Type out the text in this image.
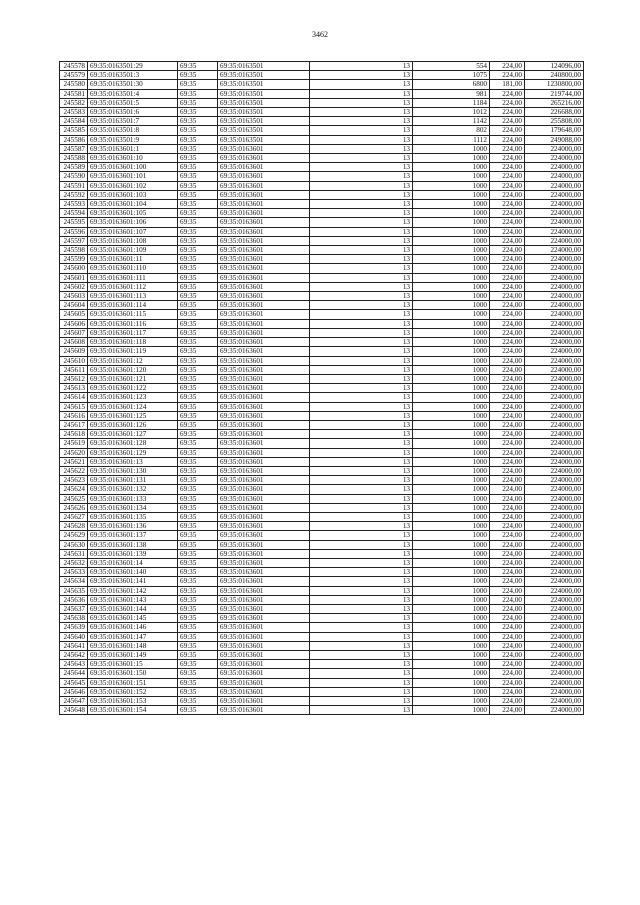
3462
245578	69:35:0163501:29	69:35	69:35:0163501	13	554	224,00	124096,00
245579	69:35:0163501:3	69:35	69:35:0163501	13	1075	224,00	240800,00
245580	69:35:0163501:30	69:35	69:35:0163501	13	6800	181,00	1230800,00
245581	69:35:0163501:4	69:35	69:35:0163501	13	981	224,00	219744,00
245582	69:35:0163501:5	69:35	69:35:0163501	13	1184	224,00	265216,00
245583	69:35:0163501:6	69:35	69:35:0163501	13	1012	224,00	226688,00
245584	69:35:0163501:7	69:35	69:35:0163501	13	1142	224,00	255808,00
245585	69:35:0163501:8	69:35	69:35:0163501	13	802	224,00	179648,00
245586	69:35:0163501:9	69:35	69:35:0163501	13	1112	224,00	249088,00
245587	69:35:0163601:1	69:35	69:35:0163601	13	1000	224,00	224000,00
245588	69:35:0163601:10	69:35	69:35:0163601	13	1000	224,00	224000,00
245589	69:35:0163601:100	69:35	69:35:0163601	13	1000	224,00	224000,00
245590	69:35:0163601:101	69:35	69:35:0163601	13	1000	224,00	224000,00
245591	69:35:0163601:102	69:35	69:35:0163601	13	1000	224,00	224000,00
245592	69:35:0163601:103	69:35	69:35:0163601	13	1000	224,00	224000,00
245593	69:35:0163601:104	69:35	69:35:0163601	13	1000	224,00	224000,00
245594	69:35:0163601:105	69:35	69:35:0163601	13	1000	224,00	224000,00
245595	69:35:0163601:106	69:35	69:35:0163601	13	1000	224,00	224000,00
245596	69:35:0163601:107	69:35	69:35:0163601	13	1000	224,00	224000,00
245597	69:35:0163601:108	69:35	69:35:0163601	13	1000	224,00	224000,00
245598	69:35:0163601:109	69:35	69:35:0163601	13	1000	224,00	224000,00
245599	69:35:0163601:11	69:35	69:35:0163601	13	1000	224,00	224000,00
245600	69:35:0163601:110	69:35	69:35:0163601	13	1000	224,00	224000,00
245601	69:35:0163601:111	69:35	69:35:0163601	13	1000	224,00	224000,00
245602	69:35:0163601:112	69:35	69:35:0163601	13	1000	224,00	224000,00
245603	69:35:0163601:113	69:35	69:35:0163601	13	1000	224,00	224000,00
245604	69:35:0163601:114	69:35	69:35:0163601	13	1000	224,00	224000,00
245605	69:35:0163601:115	69:35	69:35:0163601	13	1000	224,00	224000,00
245606	69:35:0163601:116	69:35	69:35:0163601	13	1000	224,00	224000,00
245607	69:35:0163601:117	69:35	69:35:0163601	13	1000	224,00	224000,00
245608	69:35:0163601:118	69:35	69:35:0163601	13	1000	224,00	224000,00
245609	69:35:0163601:119	69:35	69:35:0163601	13	1000	224,00	224000,00
245610	69:35:0163601:12	69:35	69:35:0163601	13	1000	224,00	224000,00
245611	69:35:0163601:120	69:35	69:35:0163601	13	1000	224,00	224000,00
245612	69:35:0163601:121	69:35	69:35:0163601	13	1000	224,00	224000,00
245613	69:35:0163601:122	69:35	69:35:0163601	13	1000	224,00	224000,00
245614	69:35:0163601:123	69:35	69:35:0163601	13	1000	224,00	224000,00
245615	69:35:0163601:124	69:35	69:35:0163601	13	1000	224,00	224000,00
245616	69:35:0163601:125	69:35	69:35:0163601	13	1000	224,00	224000,00
245617	69:35:0163601:126	69:35	69:35:0163601	13	1000	224,00	224000,00
245618	69:35:0163601:127	69:35	69:35:0163601	13	1000	224,00	224000,00
245619	69:35:0163601:128	69:35	69:35:0163601	13	1000	224,00	224000,00
245620	69:35:0163601:129	69:35	69:35:0163601	13	1000	224,00	224000,00
245621	69:35:0163601:13	69:35	69:35:0163601	13	1000	224,00	224000,00
245622	69:35:0163601:130	69:35	69:35:0163601	13	1000	224,00	224000,00
245623	69:35:0163601:131	69:35	69:35:0163601	13	1000	224,00	224000,00
245624	69:35:0163601:132	69:35	69:35:0163601	13	1000	224,00	224000,00
245625	69:35:0163601:133	69:35	69:35:0163601	13	1000	224,00	224000,00
245626	69:35:0163601:134	69:35	69:35:0163601	13	1000	224,00	224000,00
245627	69:35:0163601:135	69:35	69:35:0163601	13	1000	224,00	224000,00
245628	69:35:0163601:136	69:35	69:35:0163601	13	1000	224,00	224000,00
245629	69:35:0163601:137	69:35	69:35:0163601	13	1000	224,00	224000,00
245630	69:35:0163601:138	69:35	69:35:0163601	13	1000	224,00	224000,00
245631	69:35:0163601:139	69:35	69:35:0163601	13	1000	224,00	224000,00
245632	69:35:0163601:14	69:35	69:35:0163601	13	1000	224,00	224000,00
245633	69:35:0163601:140	69:35	69:35:0163601	13	1000	224,00	224000,00
245634	69:35:0163601:141	69:35	69:35:0163601	13	1000	224,00	224000,00
245635	69:35:0163601:142	69:35	69:35:0163601	13	1000	224,00	224000,00
245636	69:35:0163601:143	69:35	69:35:0163601	13	1000	224,00	224000,00
245637	69:35:0163601:144	69:35	69:35:0163601	13	1000	224,00	224000,00
245638	69:35:0163601:145	69:35	69:35:0163601	13	1000	224,00	224000,00
245639	69:35:0163601:146	69:35	69:35:0163601	13	1000	224,00	224000,00
245640	69:35:0163601:147	69:35	69:35:0163601	13	1000	224,00	224000,00
245641	69:35:0163601:148	69:35	69:35:0163601	13	1000	224,00	224000,00
245642	69:35:0163601:149	69:35	69:35:0163601	13	1000	224,00	224000,00
245643	69:35:0163601:15	69:35	69:35:0163601	13	1000	224,00	224000,00
245644	69:35:0163601:150	69:35	69:35:0163601	13	1000	224,00	224000,00
245645	69:35:0163601:151	69:35	69:35:0163601	13	1000	224,00	224000,00
245646	69:35:0163601:152	69:35	69:35:0163601	13	1000	224,00	224000,00
245647	69:35:0163601:153	69:35	69:35:0163601	13	1000	224,00	224000,00
245648	69:35:0163601:154	69:35	69:35:0163601	13	1000	224,00	224000,00
